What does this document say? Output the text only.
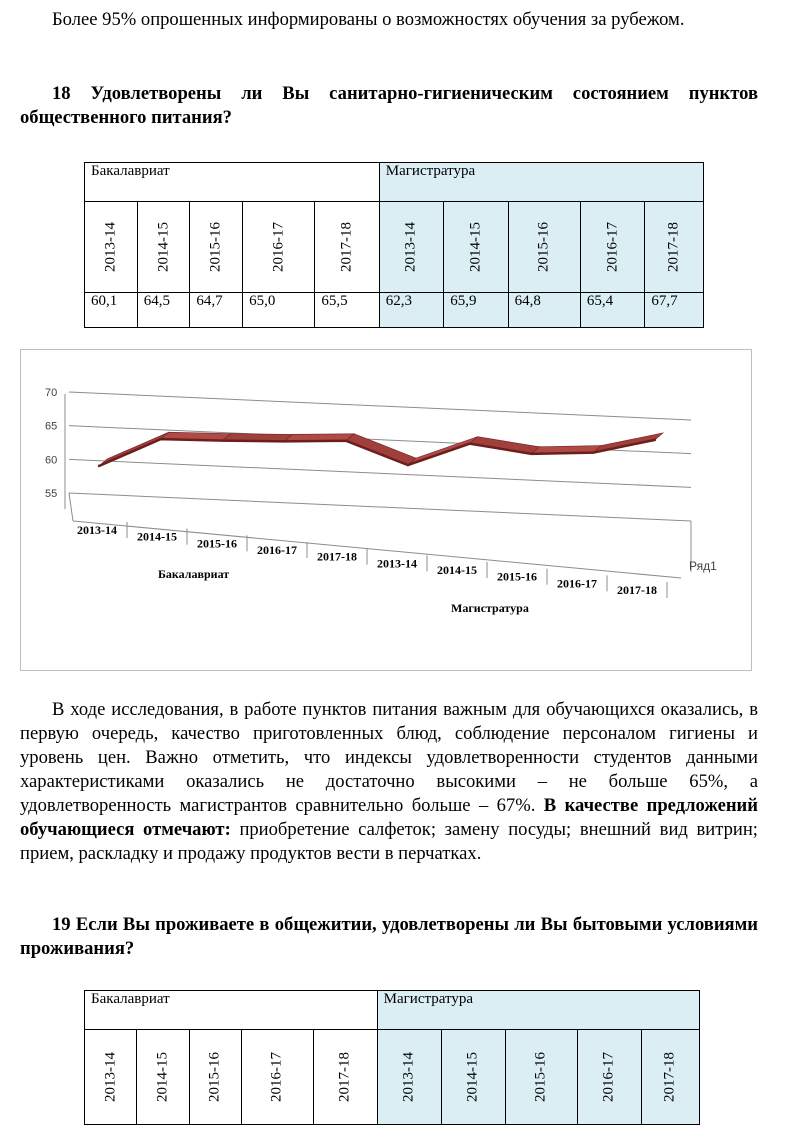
Более 95% опрошенных информированы о возможностях обучения за рубежом.

18 Удовлетворены ли Вы санитарно-гигиеническим состоянием пунктов общественного питания?

Бакалавриат					Магистратура				

2013-14	2014-15	2015-16	2016-17	2017-18	2013-14	2014-15	2015-16	2016-17	2017-18

60,1	64,5	64,7	65,0	65,5	62,3	65,9	64,8	65,4	67,7
55
60
65
70
2013-14 2014-15 2015-16 2016-17 2017-18 2013-14 2014-15 2015-16 2016-17 2017-18
Бакалавриат
Магистратура
Ряд1

В ходе исследования, в работе пунктов питания важным для обучающихся оказались, в первую очередь, качество приготовленных блюд, соблюдение персоналом гигиены и уровень цен. Важно отметить, что индексы удовлетворенности студентов данными характеристиками оказались не достаточно высокими – не больше 65%, а удовлетворенность магистрантов сравнительно больше – 67%. В качестве предложений обучающиеся отмечают: приобретение салфеток; замену посуды; внешний вид витрин; прием, раскладку и продажу продуктов вести в перчатках.

19 Если Вы проживаете в общежитии, удовлетворены ли Вы бытовыми условиями проживания?

Бакалавриат					Магистратура				

2013-14	2014-15	2015-16	2016-17	2017-18	2013-14	2014-15	2015-16	2016-17	2017-18
